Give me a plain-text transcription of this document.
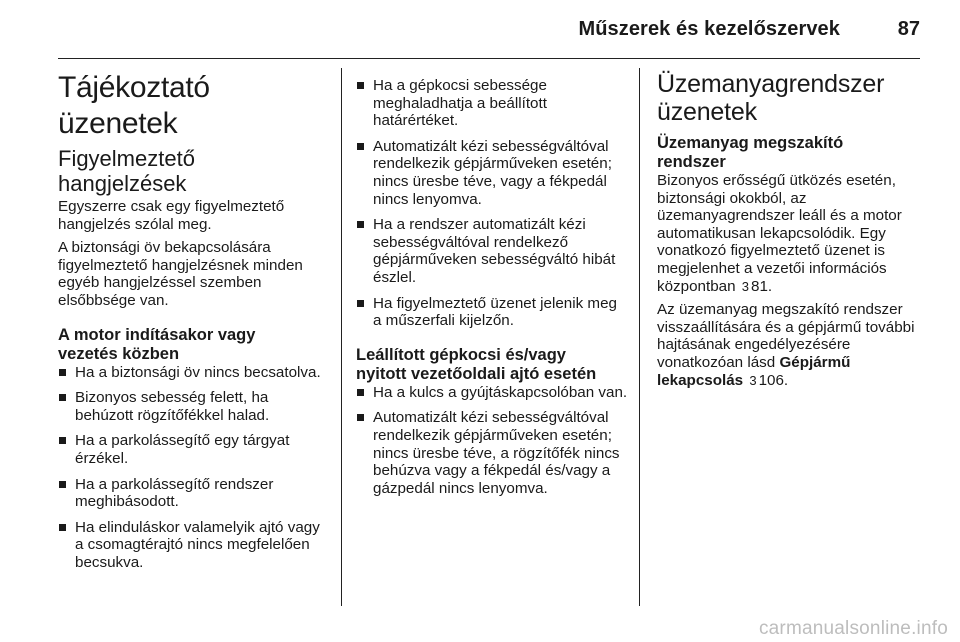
Műszerek és kezelőszervek	87
Tájékoztató üzenetek
Figyelmeztető
hangjelzések

Egyszerre csak egy figyelmeztető hangjelzés szólal meg.

A biztonsági öv bekapcsolására figyelmeztető hangjelzésnek minden egyéb hangjelzéssel szemben elsőbbsége van.

A motor indításakor vagy
vezetés közben
Ha a biztonsági öv nincs becsatolva.
Bizonyos sebesség felett, ha behúzott rögzítőfékkel halad.
Ha a parkolássegítő egy tárgyat érzékel.
Ha a parkolássegítő rendszer meghibásodott.
Ha elinduláskor valamelyik ajtó vagy a csomagtérajtó nincs megfelelően becsukva.
Ha a gépkocsi sebessége meghaladhatja a beállított határértéket.
Automatizált kézi sebességváltóval rendelkezik gépjárműveken esetén; nincs üresbe téve, vagy a fékpedál nincs lenyomva.
Ha a rendszer automatizált kézi sebességváltóval rendelkező gépjárműveken sebességváltó hibát észlel.
Ha figyelmeztető üzenet jelenik meg a műszerfali kijelzőn.
Leállított gépkocsi és/vagy
nyitott vezetőoldali ajtó esetén
Ha a kulcs a gyújtáskapcsolóban van.
Automatizált kézi sebességváltóval rendelkezik gépjárműveken esetén; nincs üresbe téve, a rögzítőfék nincs behúzva vagy a fékpedál és/vagy a gázpedál nincs lenyomva.
Üzemanyagrendszer
üzenetek
Üzemanyag megszakító
rendszer

Bizonyos erősségű ütközés esetén, biztonsági okokból, az üzemanyagrendszer leáll és a motor automatikusan lekapcsolódik. Egy vonatkozó figyelmeztető üzenet is megjelenhet a vezetői információs központban 3 81.

Az üzemanyag megszakító rendszer visszaállítására és a gépjármű további hajtásának engedélyezésére vonatkozóan lásd Gépjármű lekapcsolás 3 106.

carmanualsonline.info
